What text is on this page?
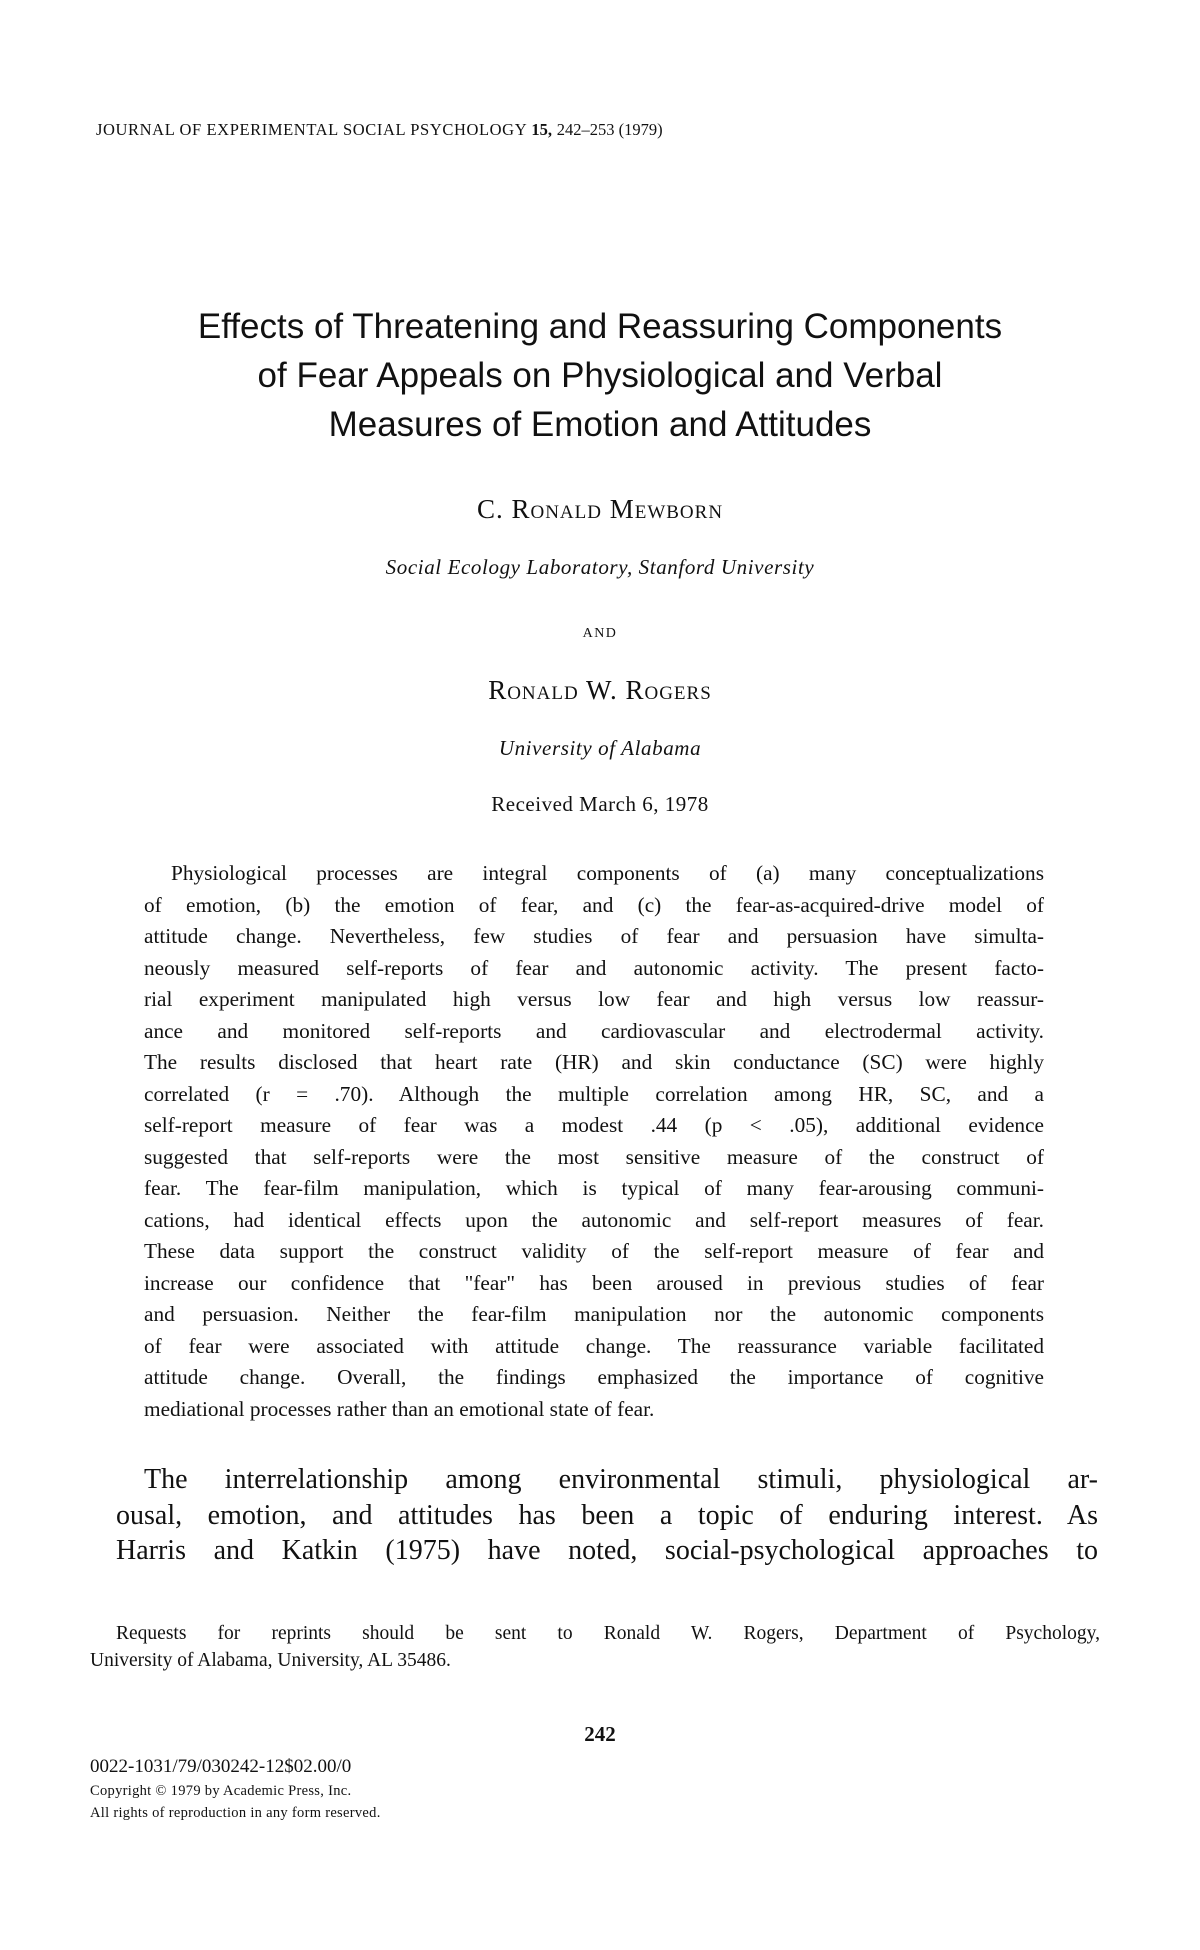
JOURNAL OF EXPERIMENTAL SOCIAL PSYCHOLOGY 15, 242–253 (1979)
Effects of Threatening and Reassuring Components
of Fear Appeals on Physiological and Verbal
Measures of Emotion and Attitudes
C. Ronald Mewborn
Social Ecology Laboratory, Stanford University
and
Ronald W. Rogers
University of Alabama
Received March 6, 1978
Physiological processes are integral components of (a) many conceptualizations
of emotion, (b) the emotion of fear, and (c) the fear-as-acquired-drive model of
attitude change. Nevertheless, few studies of fear and persuasion have simulta-
neously measured self-reports of fear and autonomic activity. The present facto-
rial experiment manipulated high versus low fear and high versus low reassur-
ance and monitored self-reports and cardiovascular and electrodermal activity.
The results disclosed that heart rate (HR) and skin conductance (SC) were highly
correlated (r = .70). Although the multiple correlation among HR, SC, and a
self-report measure of fear was a modest .44 (p < .05), additional evidence
suggested that self-reports were the most sensitive measure of the construct of
fear. The fear-film manipulation, which is typical of many fear-arousing communi-
cations, had identical effects upon the autonomic and self-report measures of fear.
These data support the construct validity of the self-report measure of fear and
increase our confidence that "fear" has been aroused in previous studies of fear
and persuasion. Neither the fear-film manipulation nor the autonomic components
of fear were associated with attitude change. The reassurance variable facilitated
attitude change. Overall, the findings emphasized the importance of cognitive
mediational processes rather than an emotional state of fear.
The interrelationship among environmental stimuli, physiological ar-
ousal, emotion, and attitudes has been a topic of enduring interest. As
Harris and Katkin (1975) have noted, social-psychological approaches to
Requests for reprints should be sent to Ronald W. Rogers, Department of Psychology,
University of Alabama, University, AL 35486.
242
0022-1031/79/030242-12$02.00/0
Copyright © 1979 by Academic Press, Inc.
All rights of reproduction in any form reserved.
